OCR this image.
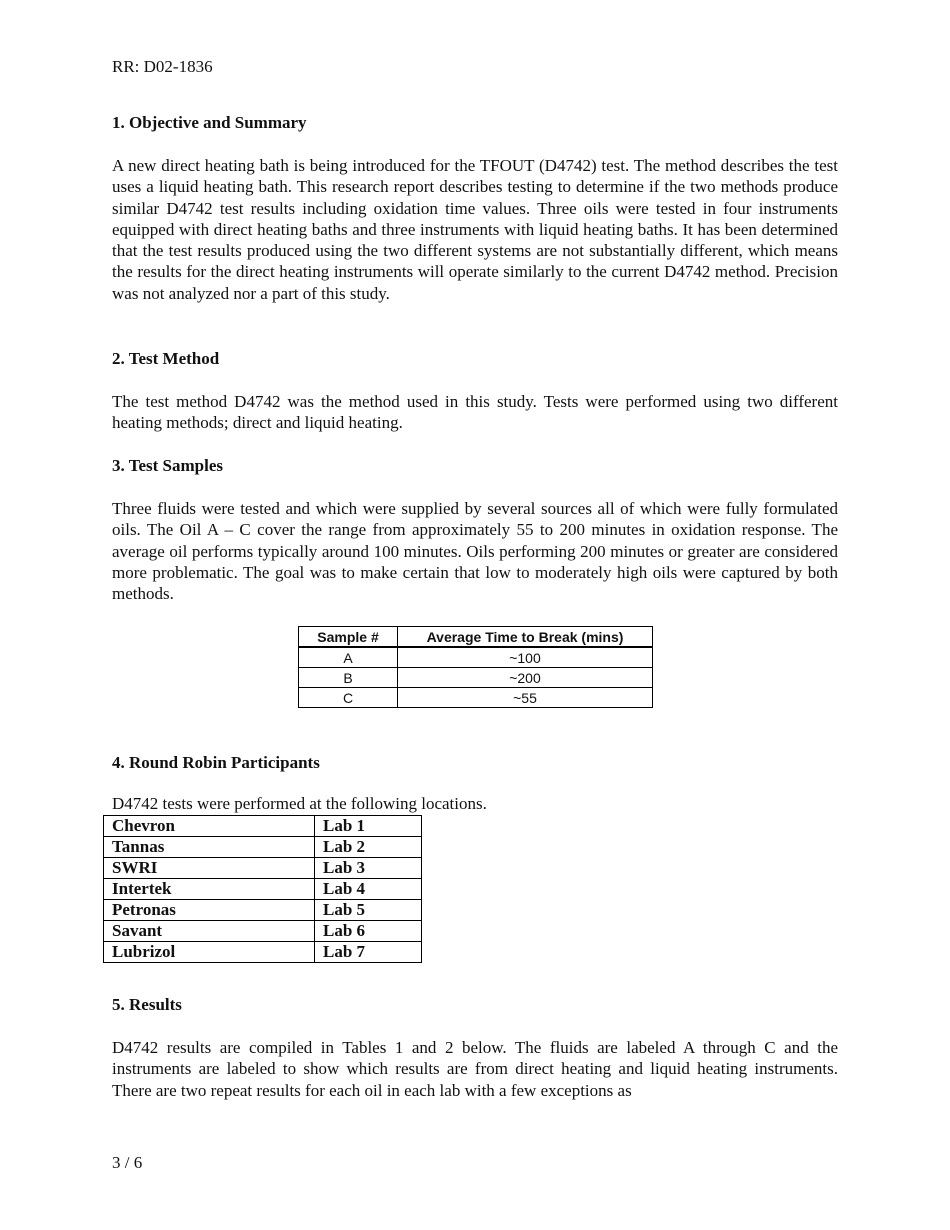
RR: D02-1836
1. Objective and Summary

A new direct heating bath is being introduced for the TFOUT (D4742) test. The method describes the test uses a liquid heating bath. This research report describes testing to determine if the two methods produce similar D4742 test results including oxidation time values. Three oils were tested in four instruments equipped with direct heating baths and three instruments with liquid heating baths. It has been determined that the test results produced using the two different systems are not substantially different, which means the results for the direct heating instruments will operate similarly to the current D4742 method. Precision was not analyzed nor a part of this study.

2. Test Method

The test method D4742 was the method used in this study. Tests were performed using two different heating methods; direct and liquid heating.

3. Test Samples

Three fluids were tested and which were supplied by several sources all of which were fully formulated oils. The Oil A – C cover the range from approximately 55 to 200 minutes in oxidation response. The average oil performs typically around 100 minutes. Oils performing 200 minutes or greater are considered more problematic. The goal was to make certain that low to moderately high oils were captured by both methods.

Sample #	Average Time to Break (mins)
A	~100
B	~200
C	~55
4. Round Robin Participants
D4742 tests were performed at the following locations.
Chevron	Lab 1
Tannas	Lab 2
SWRI	Lab 3
Intertek	Lab 4
Petronas	Lab 5
Savant	Lab 6
Lubrizol	Lab 7
5. Results

D4742 results are compiled in Tables 1 and 2 below. The fluids are labeled A through C and the instruments are labeled to show which results are from direct heating and liquid heating instruments. There are two repeat results for each oil in each lab with a few exceptions as

3 / 6
